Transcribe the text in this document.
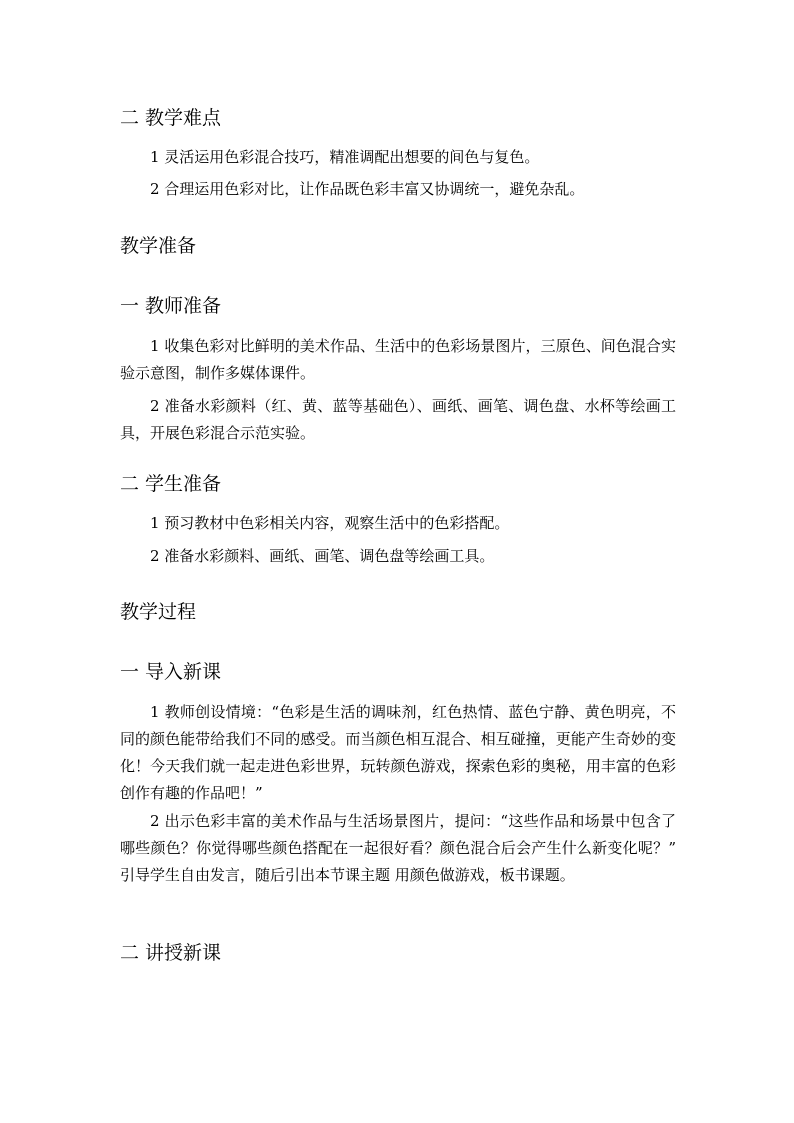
二 教学难点

1 灵活运用色彩混合技巧，精准调配出想要的间色与复色。

2 合理运用色彩对比，让作品既色彩丰富又协调统一，避免杂乱。

教学准备
一 教师准备

1 收集色彩对比鲜明的美术作品、生活中的色彩场景图片，三原色、间色混合实验示意图，制作多媒体课件。

2 准备水彩颜料（红、黄、蓝等基础色）、画纸、画笔、调色盘、水杯等绘画工具，开展色彩混合示范实验。

二 学生准备

1 预习教材中色彩相关内容，观察生活中的色彩搭配。

2 准备水彩颜料、画纸、画笔、调色盘等绘画工具。

教学过程
一 导入新课

1 教师创设情境：“色彩是生活的调味剂，红色热情、蓝色宁静、黄色明亮，不同的颜色能带给我们不同的感受。而当颜色相互混合、相互碰撞，更能产生奇妙的变化！今天我们就一起走进色彩世界，玩转颜色游戏，探索色彩的奥秘，用丰富的色彩创作有趣的作品吧！”

2 出示色彩丰富的美术作品与生活场景图片，提问：“这些作品和场景中包含了哪些颜色？你觉得哪些颜色搭配在一起很好看？颜色混合后会产生什么新变化呢？” 引导学生自由发言，随后引出本节课主题 用颜色做游戏，板书课题。

二 讲授新课
